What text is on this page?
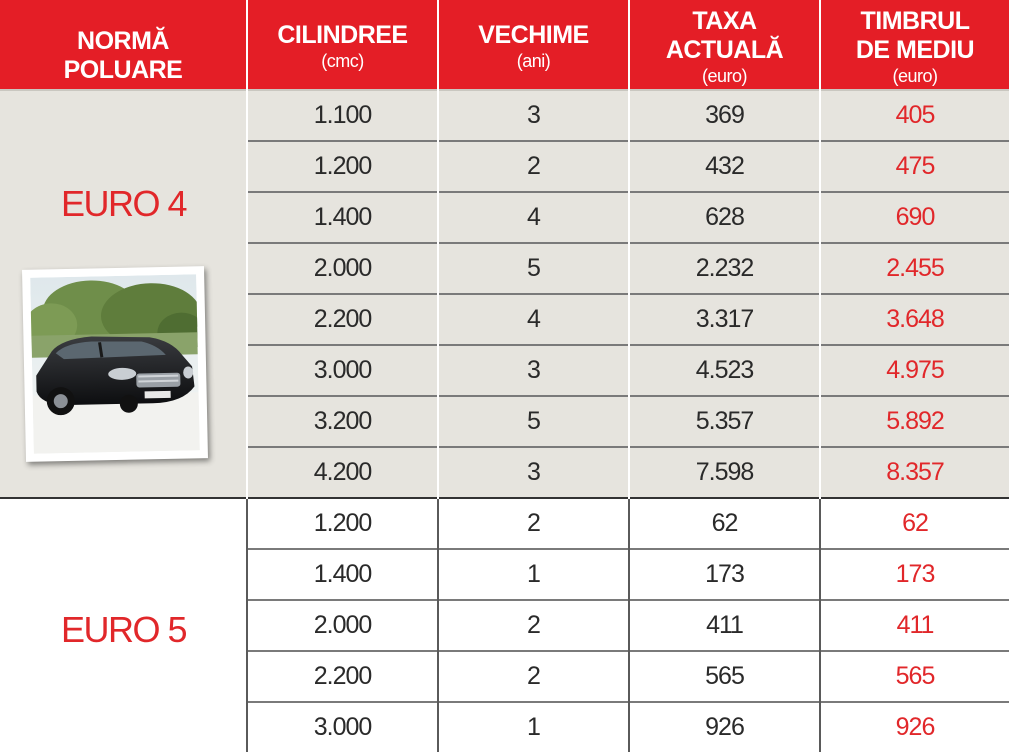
NORMĂ
POLUARE	CILINDREE
(cmc)	VECHIME
(ani)	TAXA
ACTUALĂ
(euro)	TIMBRUL
DE MEDIU
(euro)

EURO 4	1.100	3	369	405
	1.200	2	432	475
	1.400	4	628	690
	2.000	5	2.232	2.455
	2.200	4	3.317	3.648
	3.000	3	4.523	4.975
	3.200	5	5.357	5.892
	4.200	3	7.598	8.357

EURO 5	1.200	2	62	62
	1.400	1	173	173
	2.000	2	411	411
	2.200	2	565	565
	3.000	1	926	926
